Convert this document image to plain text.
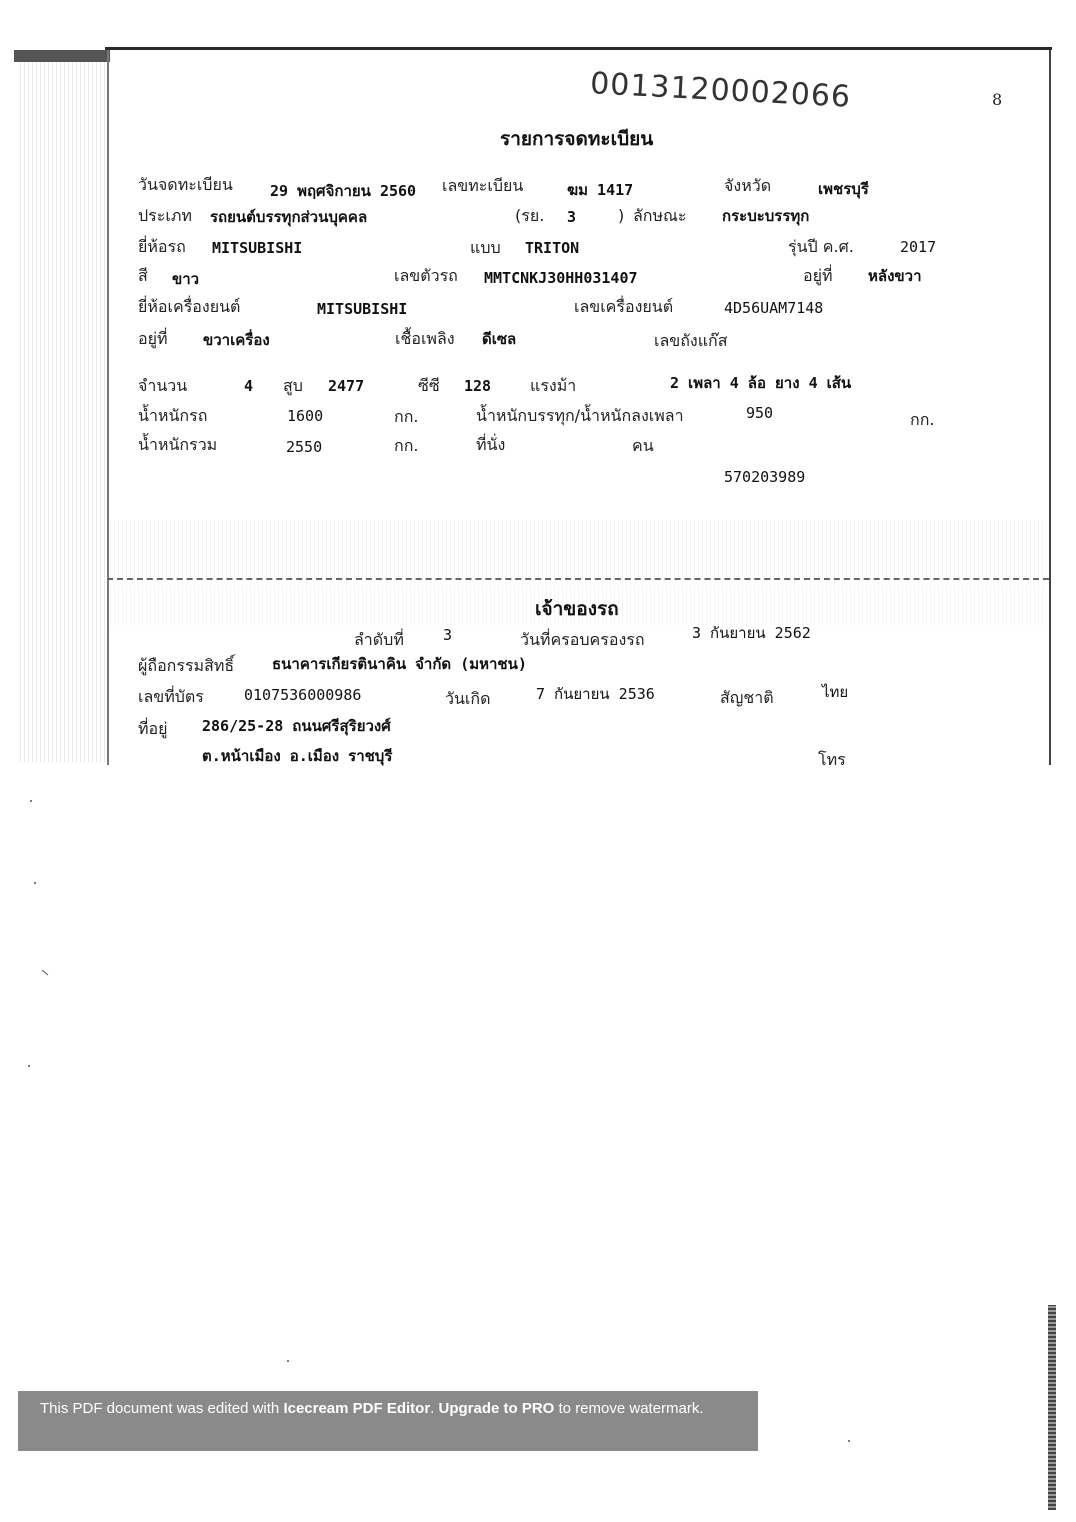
0013120002066	8
รายการจดทะเบียน
วันจดทะเบียน 29 พฤศจิกายน 2560 เลขทะเบียน	ฆม 1417	จังหวัด	เพชรบุรี
ประเภท รถยนต์บรรทุกส่วนบุคคล	(รย. 3	) ลักษณะ กระบะบรรทุก
ยี่ห้อรถ MITSUBISHI	แบบ TRITON	รุ่นปี ค.ศ.	2017
สี ขาว	เลขตัวรถ MMTCNKJ30HH031407	อยู่ที่ หลังขวา
ยี่ห้อเครื่องยนต์	MITSUBISHI	เลขเครื่องยนต์	4D56UAM7148
อยู่ที่ ขวาเครื่อง	เชื้อเพลิง ดีเซล	เลขถังแก๊ส
จำนวน	4 สูบ 2477	ซีซี 128 แรงม้า	2 เพลา 4 ล้อ ยาง 4 เส้น
น้ำหนักรถ	1600	กก.	น้ำหนักบรรทุก/น้ำหนักลงเพลา	950	กก.
น้ำหนักรวม	2550	กก.	ที่นั่ง	คน
570203989
เจ้าของรถ
ลำดับที่	3	วันที่ครอบครองรถ	3 กันยายน 2562
ผู้ถือกรรมสิทธิ์	ธนาคารเกียรตินาคิน จำกัด (มหาชน)
เลขที่บัตร	0107536000986	วันเกิด	7 กันยายน 2536	สัญชาติ	ไทย
ที่อยู่ 286/25-28 ถนนศรีสุริยวงศ์
ต.หน้าเมือง อ.เมือง ราชบุรี	โทร
This PDF document was edited with Icecream PDF Editor. Upgrade to PRO to remove watermark.
